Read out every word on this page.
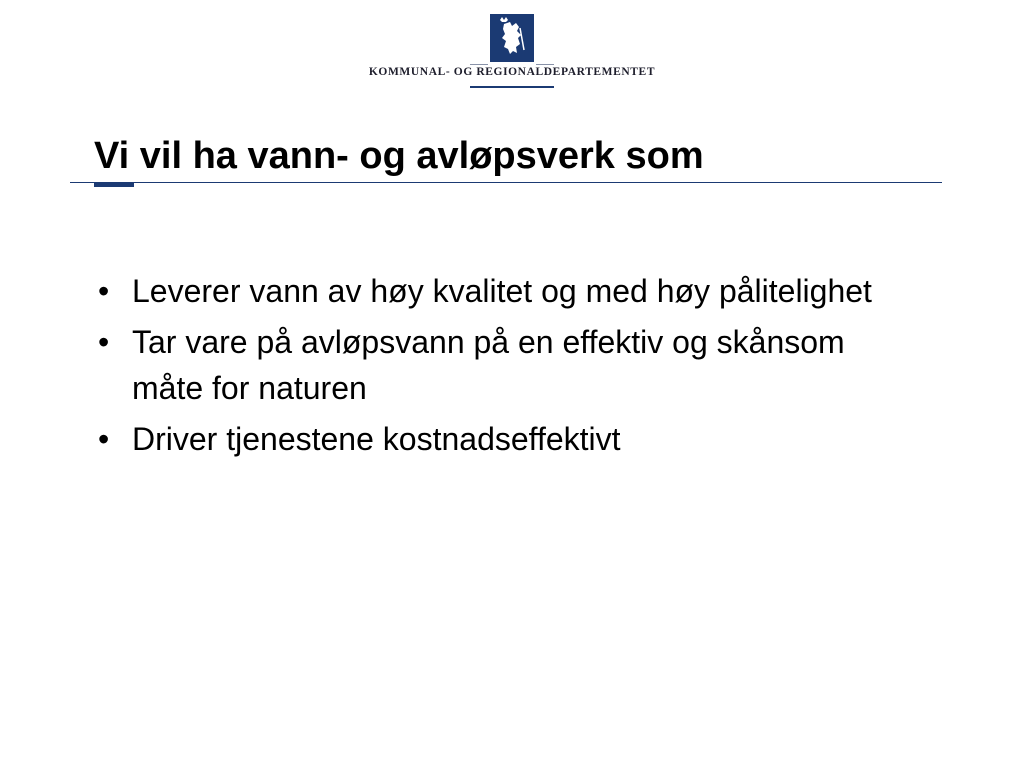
KOMMUNAL- OG REGIONALDEPARTEMENTET
Vi vil ha vann- og avløpsverk som
• Leverer vann av høy kvalitet og med høy pålitelighet
• Tar vare på avløpsvann på en effektiv og skånsom måte for naturen
• Driver tjenestene kostnadseffektivt
